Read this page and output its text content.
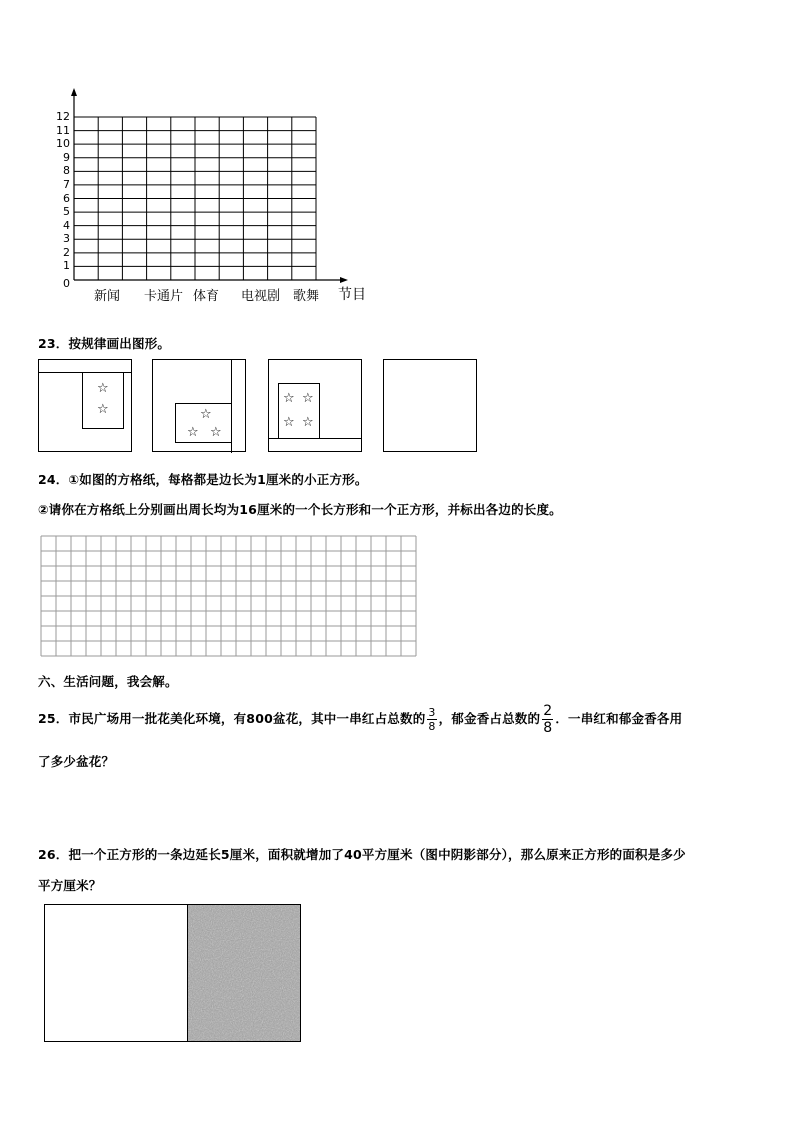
0
1
2
3
4
5
6
7
8
9
10
11
12
新闻 卡通片 体育 电视剧 歌舞 节目
23．按规律画出图形。
☆
☆	☆
☆ ☆
☆ ☆
☆ ☆
24．①如图的方格纸，每格都是边长为1厘米的小正方形。
②请你在方格纸上分别画出周长均为16厘米的一个长方形和一个正方形，并标出各边的长度。
六、生活问题，我会解。
25．市民广场用一批花美化环境，有800盆花，其中一串红占总数的 $\frac{3}{8}$ ，郁金香占总数的 $\frac{2}{8}$ ．一串红和郁金香各用
了多少盆花？
26．把一个正方形的一条边延长5厘米，面积就增加了40平方厘米（图中阴影部分），那么原来正方形的面积是多少
平方厘米？
